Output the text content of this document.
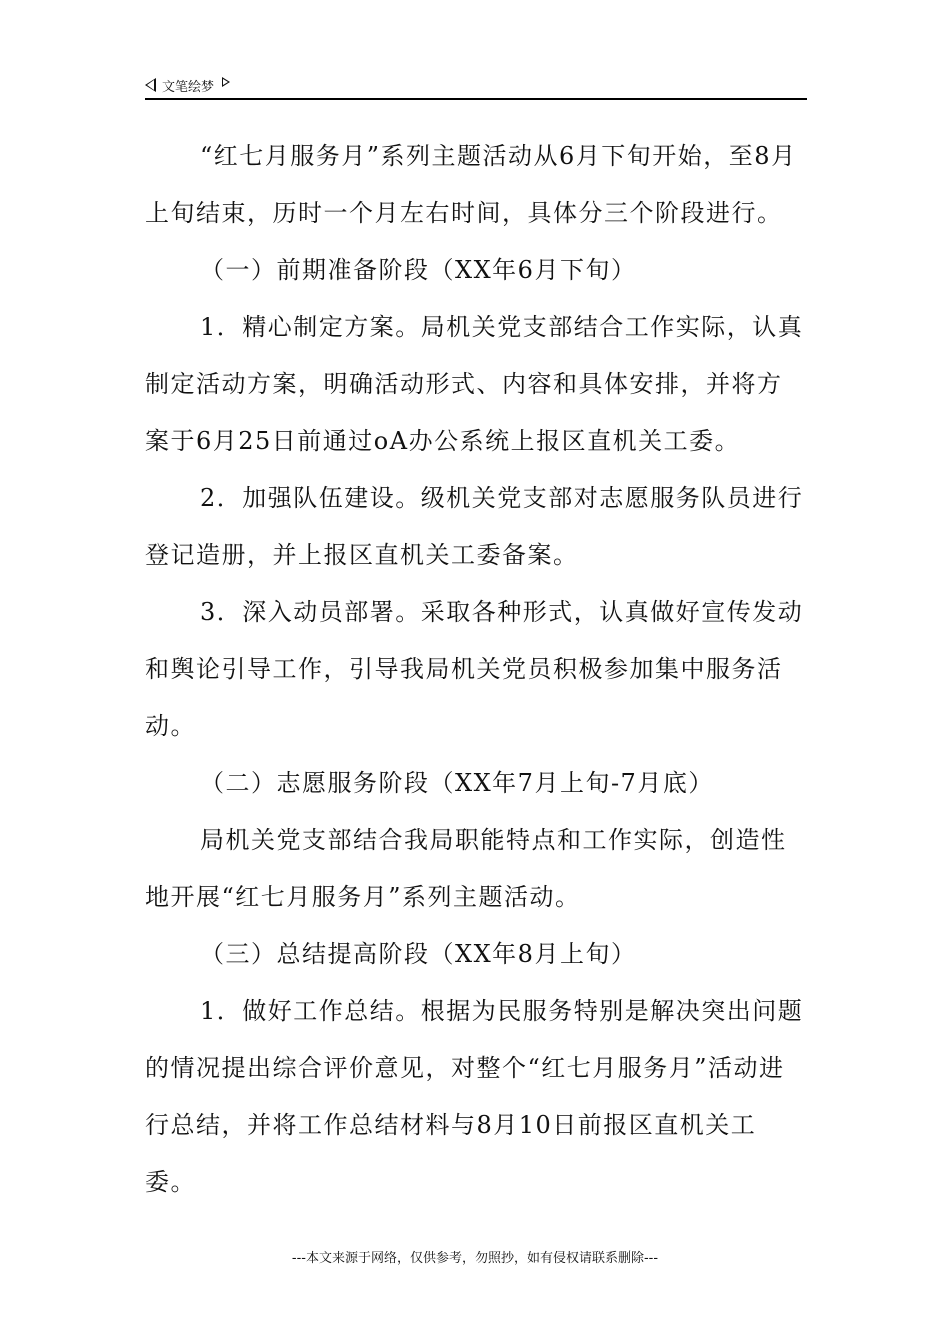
文笔绘梦

“红七月服务月”系列主题活动从6月下旬开始，至8月上旬结束，历时一个月左右时间，具体分三个阶段进行。

（一）前期准备阶段（XX年6月下旬）

1．精心制定方案。局机关党支部结合工作实际，认真制定活动方案，明确活动形式、内容和具体安排，并将方案于6月25日前通过oA办公系统上报区直机关工委。

2．加强队伍建设。级机关党支部对志愿服务队员进行登记造册，并上报区直机关工委备案。

3．深入动员部署。采取各种形式，认真做好宣传发动和舆论引导工作，引导我局机关党员积极参加集中服务活动。

（二）志愿服务阶段（XX年7月上旬-7月底）

局机关党支部结合我局职能特点和工作实际，创造性地开展“红七月服务月”系列主题活动。

（三）总结提高阶段（XX年8月上旬）

1．做好工作总结。根据为民服务特别是解决突出问题的情况提出综合评价意见，对整个“红七月服务月”活动进行总结，并将工作总结材料与8月10日前报区直机关工委。

---本文来源于网络，仅供参考，勿照抄，如有侵权请联系删除---
